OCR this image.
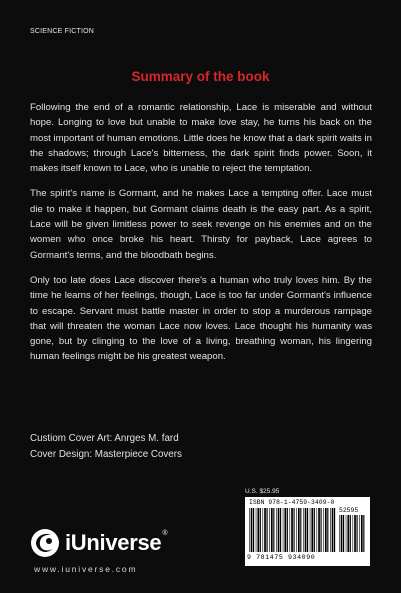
SCIENCE FICTION
Summary of the book

Following the end of a romantic relationship, Lace is miserable and without hope. Longing to love but unable to make love stay, he turns his back on the most important of human emotions. Little does he know that a dark spirit waits in the shadows; through Lace's bitterness, the dark spirit finds power. Soon, it makes itself known to Lace, who is unable to reject the temptation.

The spirit's name is Gormant, and he makes Lace a tempting offer. Lace must die to make it happen, but Gormant claims death is the easy part. As a spirit, Lace will be given limitless power to seek revenge on his enemies and on the women who once broke his heart. Thirsty for payback, Lace agrees to Gormant's terms, and the bloodbath begins.

Only too late does Lace discover there's a human who truly loves him. By the time he learns of her feelings, though, Lace is too far under Gormant's influence to escape. Servant must battle master in order to stop a murderous rampage that will threaten the woman Lace now loves. Lace thought his humanity was gone, but by clinging to the love of a living, breathing woman, his lingering human feelings might be his greatest weapon.

Custiom Cover Art: Anrges M. fard
Cover Design: Masterpiece Covers
U.S. $25.95
ISBN 978-1-4759-3409-0
52595
9 781475 934090
iUniverse®
www.iuniverse.com
